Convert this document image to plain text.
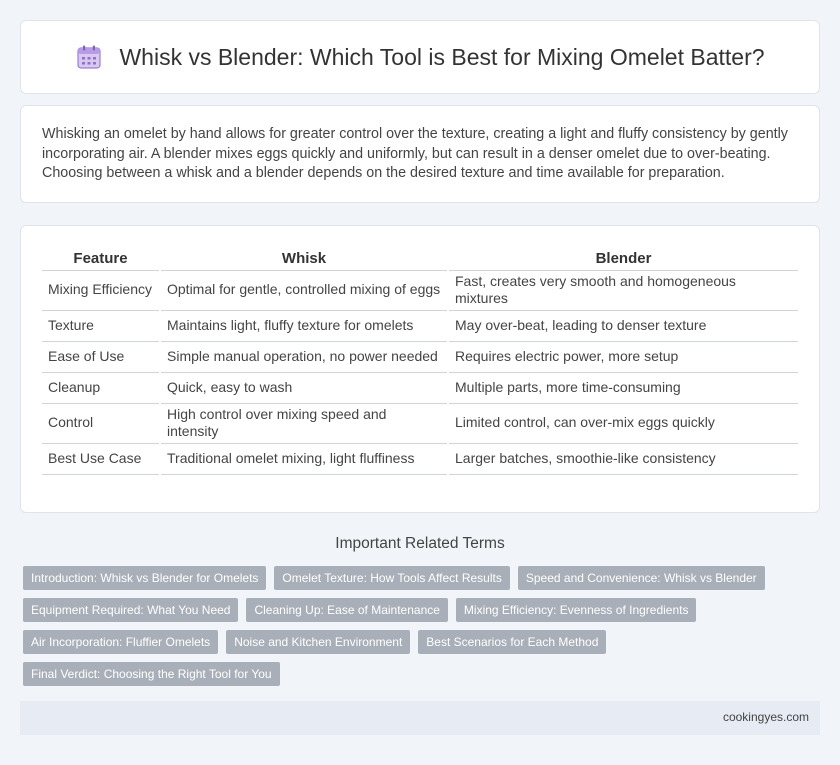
Whisk vs Blender: Which Tool is Best for Mixing Omelet Batter?

Whisking an omelet by hand allows for greater control over the texture, creating a light and fluffy consistency by gently incorporating air. A blender mixes eggs quickly and uniformly, but can result in a denser omelet due to over-beating. Choosing between a whisk and a blender depends on the desired texture and time available for preparation.

Feature	Whisk	Blender
Mixing Efficiency	Optimal for gentle, controlled mixing of eggs	Fast, creates very smooth and homogeneous mixtures
Texture	Maintains light, fluffy texture for omelets	May over-beat, leading to denser texture
Ease of Use	Simple manual operation, no power needed	Requires electric power, more setup
Cleanup	Quick, easy to wash	Multiple parts, more time-consuming
Control	High control over mixing speed and intensity	Limited control, can over-mix eggs quickly
Best Use Case	Traditional omelet mixing, light fluffiness	Larger batches, smoothie-like consistency
Important Related Terms
Introduction: Whisk vs Blender for Omelets	Omelet Texture: How Tools Affect Results	Speed and Convenience: Whisk vs Blender
Equipment Required: What You Need	Cleaning Up: Ease of Maintenance	Mixing Efficiency: Evenness of Ingredients
Air Incorporation: Fluffier Omelets	Noise and Kitchen Environment	Best Scenarios for Each Method
Final Verdict: Choosing the Right Tool for You
cookingyes.com
